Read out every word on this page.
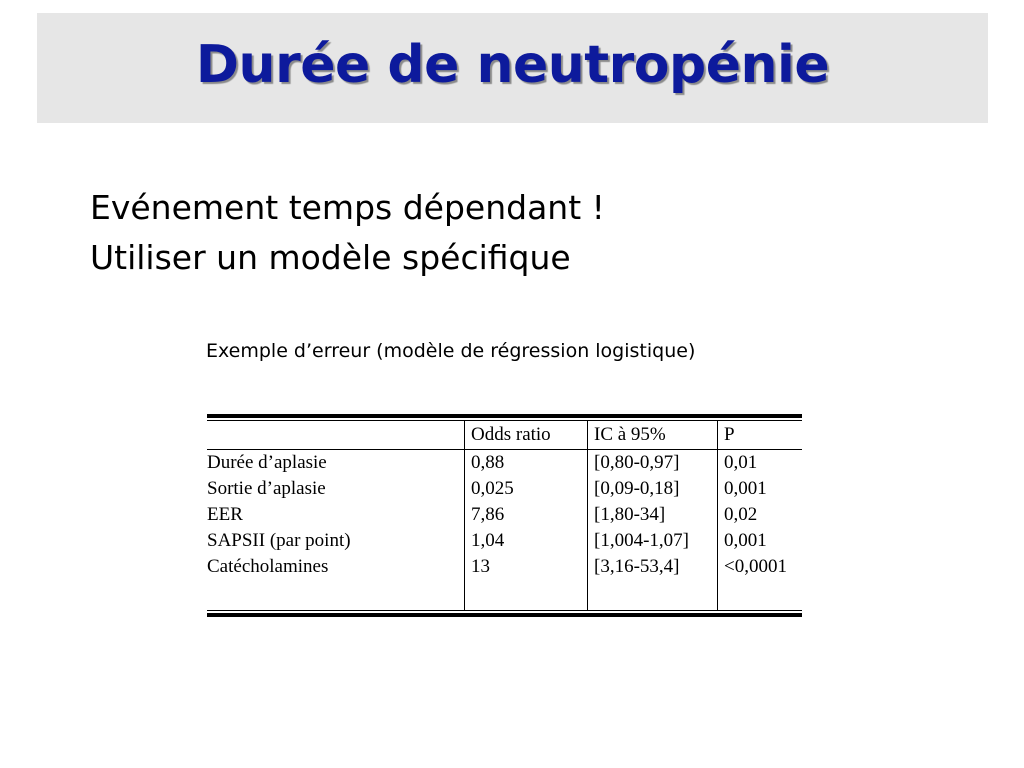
Durée de neutropénie
Evénement temps dépendant !
Utiliser un modèle spécifique
Exemple d’erreur (modèle de régression logistique)
	Odds ratio	IC à 95%	P
Durée d’aplasie	0,88	[0,80-0,97]	0,01
Sortie d’aplasie	0,025	[0,09-0,18]	0,001
EER	7,86	[1,80-34]	0,02
SAPSII (par point)	1,04	[1,004-1,07]	0,001
Catécholamines	13	[3,16-53,4]	<0,0001
